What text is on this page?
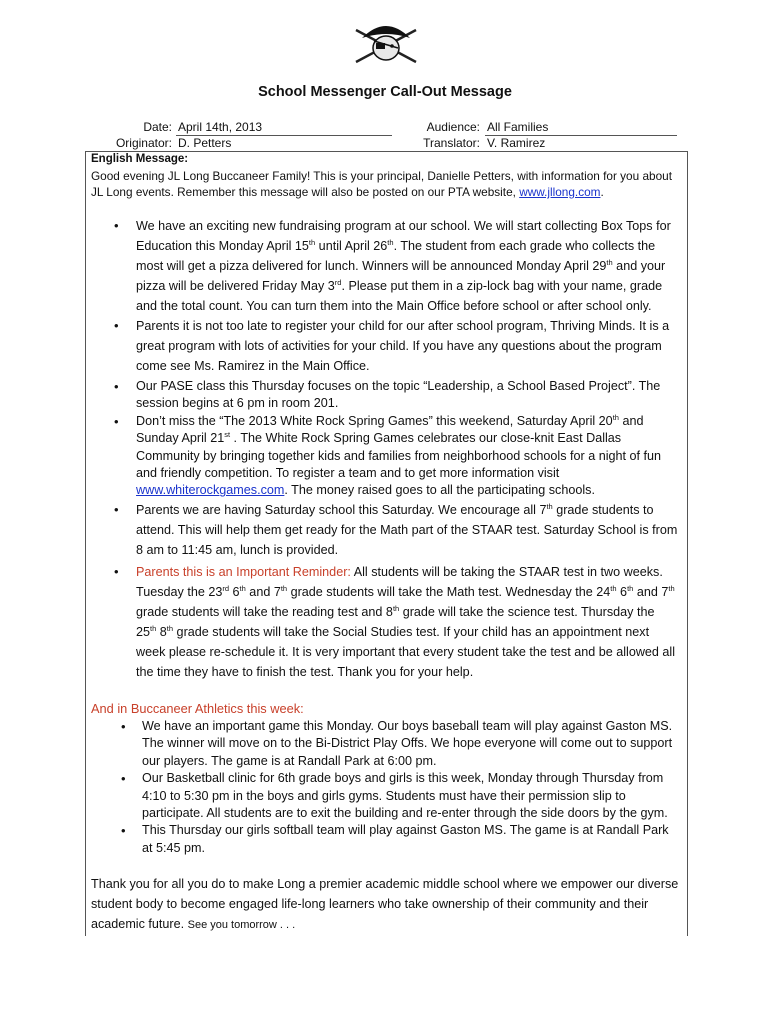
School Messenger Call-Out Message
Date: April 14th, 2013
Originator: D. Petters
Audience: All Families
Translator: V. Ramirez
English Message:
Good evening JL Long Buccaneer Family! This is your principal, Danielle Petters, with information for you about JL Long events. Remember this message will also be posted on our PTA website, www.jllong.com.
• We have an exciting new fundraising program at our school. We will start collecting Box Tops for Education this Monday April 15th until April 26th. The student from each grade who collects the most will get a pizza delivered for lunch. Winners will be announced Monday April 29th and your pizza will be delivered Friday May 3rd. Please put them in a zip-lock bag with your name, grade and the total count. You can turn them into the Main Office before school or after school only.
• Parents it is not too late to register your child for our after school program, Thriving Minds. It is a great program with lots of activities for your child. If you have any questions about the program come see Ms. Ramirez in the Main Office.
• Our PASE class this Thursday focuses on the topic “Leadership, a School Based Project”. The session begins at 6 pm in room 201.
• Don’t miss the “The 2013 White Rock Spring Games” this weekend, Saturday April 20th and Sunday April 21st . The White Rock Spring Games celebrates our close-knit East Dallas Community by bringing together kids and families from neighborhood schools for a night of fun and friendly competition. To register a team and to get more information visit www.whiterockgames.com. The money raised goes to all the participating schools.
• Parents we are having Saturday school this Saturday. We encourage all 7th grade students to attend. This will help them get ready for the Math part of the STAAR test. Saturday School is from 8 am to 11:45 am, lunch is provided.
• Parents this is an Important Reminder: All students will be taking the STAAR test in two weeks. Tuesday the 23rd 6th and 7th grade students will take the Math test. Wednesday the 24th 6th and 7th grade students will take the reading test and 8th grade will take the science test. Thursday the 25th 8th grade students will take the Social Studies test. If your child has an appointment next week please re-schedule it. It is very important that every student take the test and be allowed all the time they have to finish the test. Thank you for your help.
And in Buccaneer Athletics this week:
• We have an important game this Monday. Our boys baseball team will play against Gaston MS. The winner will move on to the Bi-District Play Offs. We hope everyone will come out to support our players. The game is at Randall Park at 6:00 pm.
• Our Basketball clinic for 6th grade boys and girls is this week, Monday through Thursday from 4:10 to 5:30 pm in the boys and girls gyms. Students must have their permission slip to participate. All students are to exit the building and re-enter through the side doors by the gym.
• This Thursday our girls softball team will play against Gaston MS. The game is at Randall Park at 5:45 pm.
Thank you for all you do to make Long a premier academic middle school where we empower our diverse student body to become engaged life-long learners who take ownership of their community and their academic future. See you tomorrow . . .
